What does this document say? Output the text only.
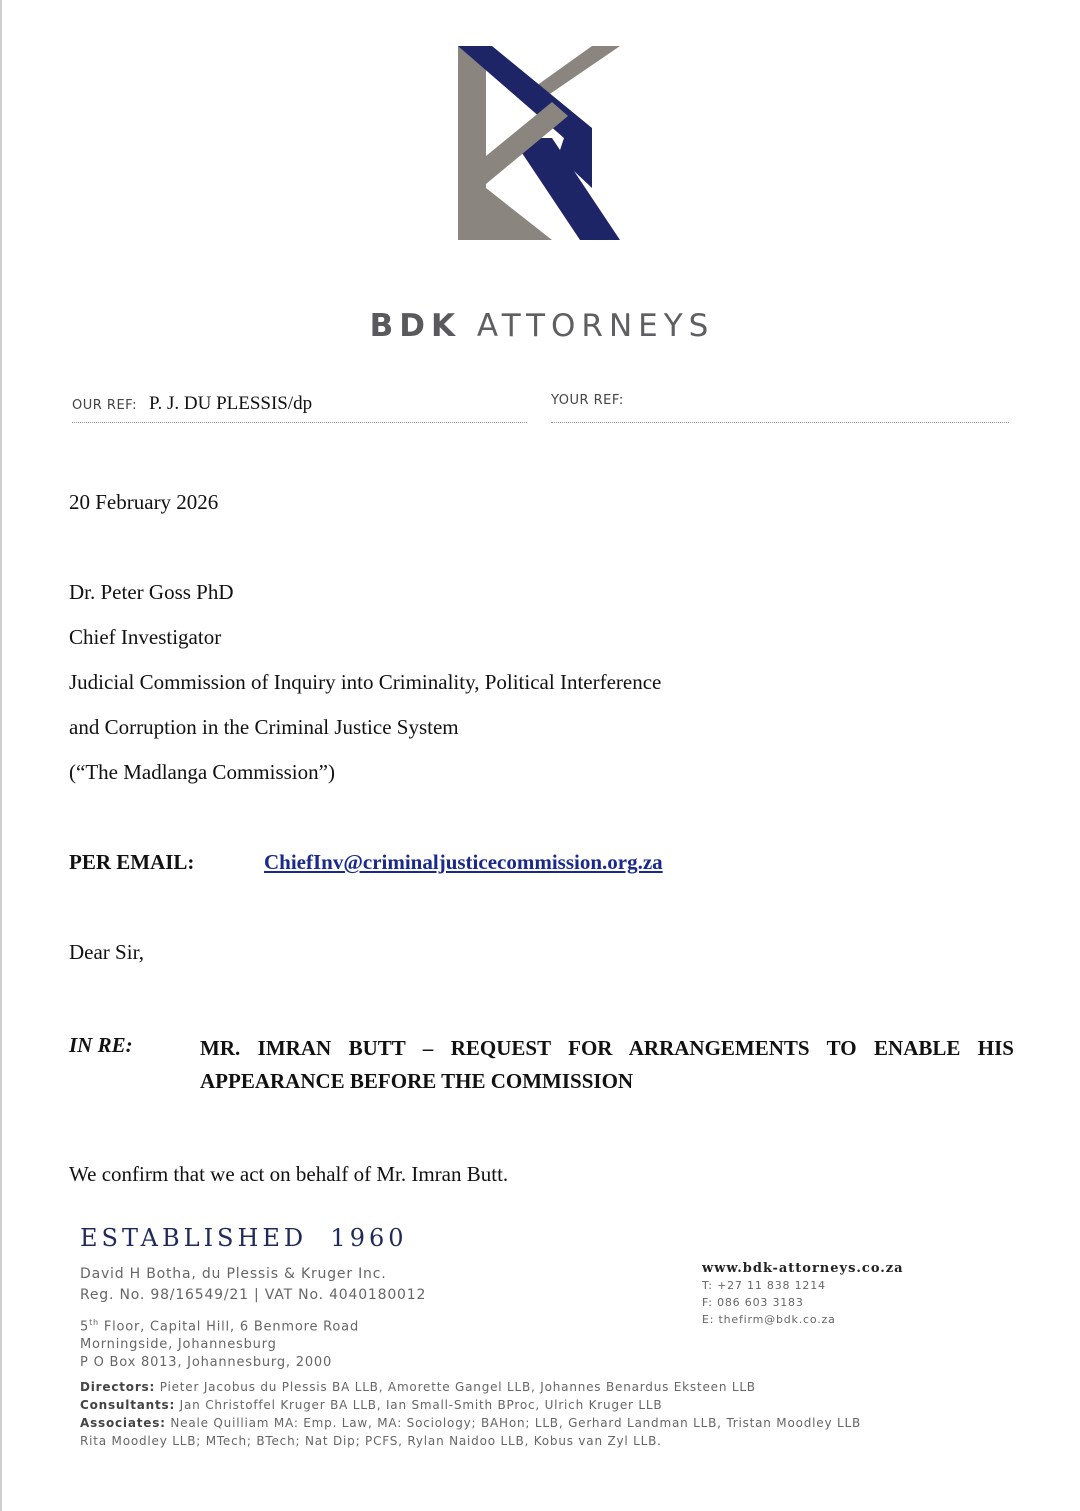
BDK ATTORNEYS
OUR REF: P. J. DU PLESSIS/dp	YOUR REF:
20 February 2026
Dr. Peter Goss PhD
Chief Investigator
Judicial Commission of Inquiry into Criminality, Political Interference
and Corruption in the Criminal Justice System
(“The Madlanga Commission”)
PER EMAIL:	ChiefInv@criminaljusticecommission.org.za
Dear Sir,
IN RE:	MR. IMRAN BUTT – REQUEST FOR ARRANGEMENTS TO ENABLE HIS APPEARANCE BEFORE THE COMMISSION
We confirm that we act on behalf of Mr. Imran Butt.
ESTABLISHED  1960
David H Botha, du Plessis & Kruger Inc.
Reg. No. 98/16549/21 | VAT No. 4040180012
5th Floor, Capital Hill, 6 Benmore Road
Morningside, Johannesburg
P O Box 8013, Johannesburg, 2000
www.bdk-attorneys.co.za
T: +27 11 838 1214
F: 086 603 3183
E: thefirm@bdk.co.za
Directors: Pieter Jacobus du Plessis BA LLB, Amorette Gangel LLB, Johannes Benardus Eksteen LLB
Consultants: Jan Christoffel Kruger BA LLB, Ian Small-Smith BProc, Ulrich Kruger LLB
Associates: Neale Quilliam MA: Emp. Law, MA: Sociology; BAHon; LLB, Gerhard Landman LLB, Tristan Moodley LLB
Rita Moodley LLB; MTech; BTech; Nat Dip; PCFS, Rylan Naidoo LLB, Kobus van Zyl LLB.
